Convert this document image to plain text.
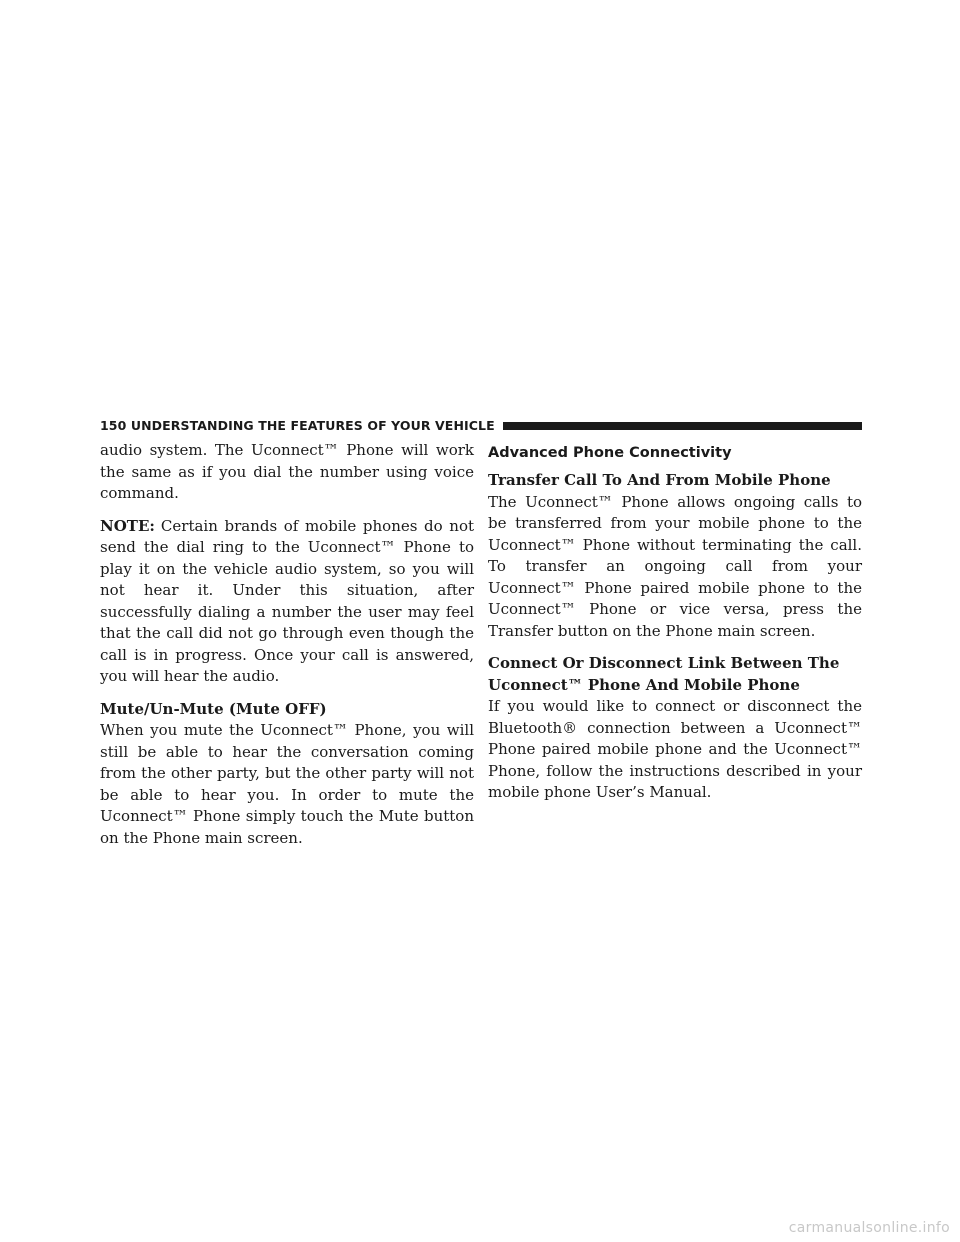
150 UNDERSTANDING THE FEATURES OF YOUR VEHICLE

audio system. The Uconnect™ Phone will work the same as if you dial the number using voice command.

NOTE: Certain brands of mobile phones do not send the dial ring to the Uconnect™ Phone to play it on the vehicle audio system, so you will not hear it. Under this situation, after successfully dialing a number the user may feel that the call did not go through even though the call is in progress. Once your call is answered, you will hear the audio.

Mute/Un-Mute (Mute OFF)

When you mute the Uconnect™ Phone, you will still be able to hear the conversation coming from the other party, but the other party will not be able to hear you. In order to mute the Uconnect™ Phone simply touch the Mute button on the Phone main screen.

Advanced Phone Connectivity
Transfer Call To And From Mobile Phone

The Uconnect™ Phone allows ongoing calls to be transferred from your mobile phone to the Uconnect™ Phone without terminating the call. To transfer an ongoing call from your Uconnect™ Phone paired mobile phone to the Uconnect™ Phone or vice versa, press the Transfer button on the Phone main screen.

Connect Or Disconnect Link Between The Uconnect™ Phone And Mobile Phone

If you would like to connect or disconnect the Bluetooth® connection between a Uconnect™ Phone paired mobile phone and the Uconnect™ Phone, follow the instructions described in your mobile phone User’s Manual.

carmanualsonline.info
